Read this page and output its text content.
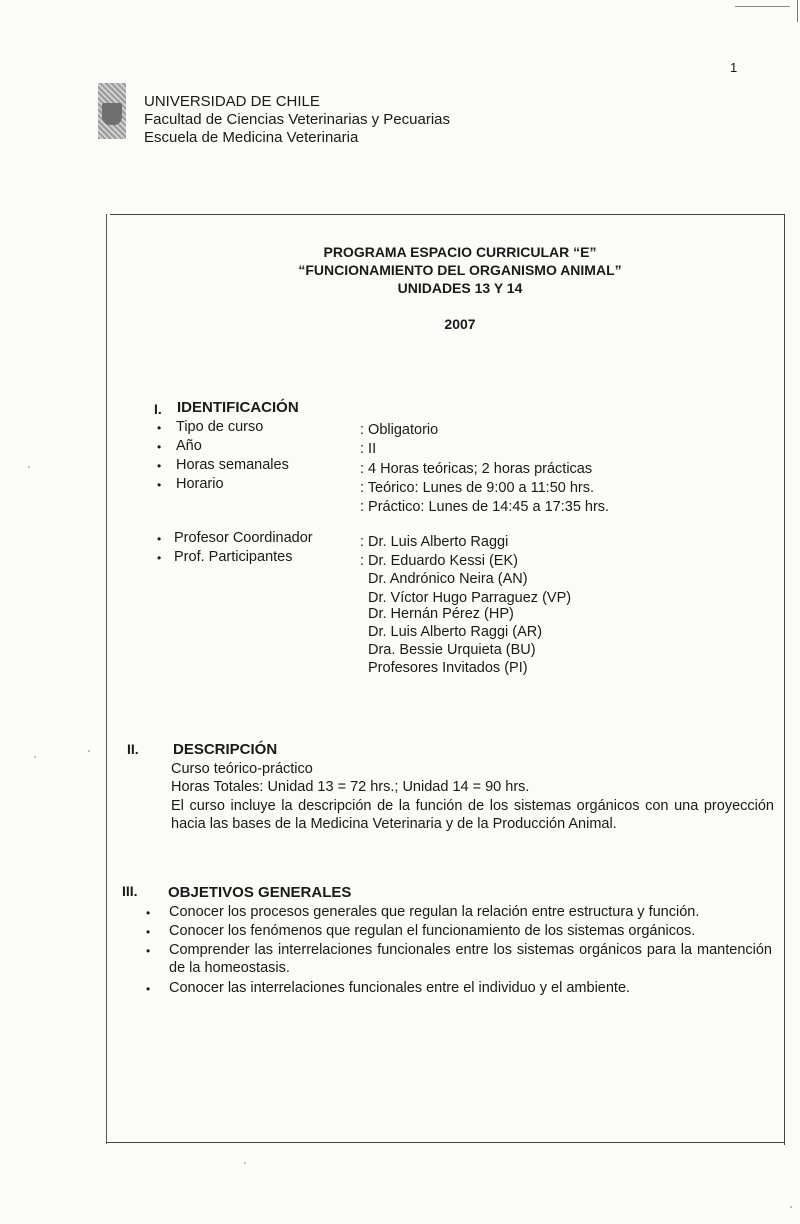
1
UNIVERSIDAD DE CHILE
Facultad de Ciencias Veterinarias y Pecuarias
Escuela de Medicina Veterinaria
PROGRAMA ESPACIO CURRICULAR “E”
“FUNCIONAMIENTO DEL ORGANISMO ANIMAL”
UNIDADES 13 Y 14
2007
I. IDENTIFICACIÓN
• Tipo de curso	: Obligatorio
• Año	: II
• Horas semanales	: 4 Horas teóricas; 2 horas prácticas
• Horario	: Teórico: Lunes de 9:00 a 11:50 hrs.
: Práctico: Lunes de 14:45 a 17:35 hrs.
• Profesor Coordinador	: Dr. Luis Alberto Raggi
• Prof. Participantes	: Dr. Eduardo Kessi (EK)
Dr. Andrónico Neira (AN)
Dr. Víctor Hugo Parraguez (VP)
Dr. Hernán Pérez (HP)
Dr. Luis Alberto Raggi (AR)
Dra. Bessie Urquieta (BU)
Profesores Invitados (PI)
II. DESCRIPCIÓN
Curso teórico-práctico
Horas Totales: Unidad 13 = 72 hrs.; Unidad 14 = 90 hrs.
El curso incluye la descripción de la función de los sistemas orgánicos con una proyección hacia las bases de la Medicina Veterinaria y de la Producción Animal.
III. OBJETIVOS GENERALES
• Conocer los procesos generales que regulan la relación entre estructura y función.
• Conocer los fenómenos que regulan el funcionamiento de los sistemas orgánicos.
• Comprender las interrelaciones funcionales entre los sistemas orgánicos para la mantención de la homeostasis.
• Conocer las interrelaciones funcionales entre el individuo y el ambiente.
